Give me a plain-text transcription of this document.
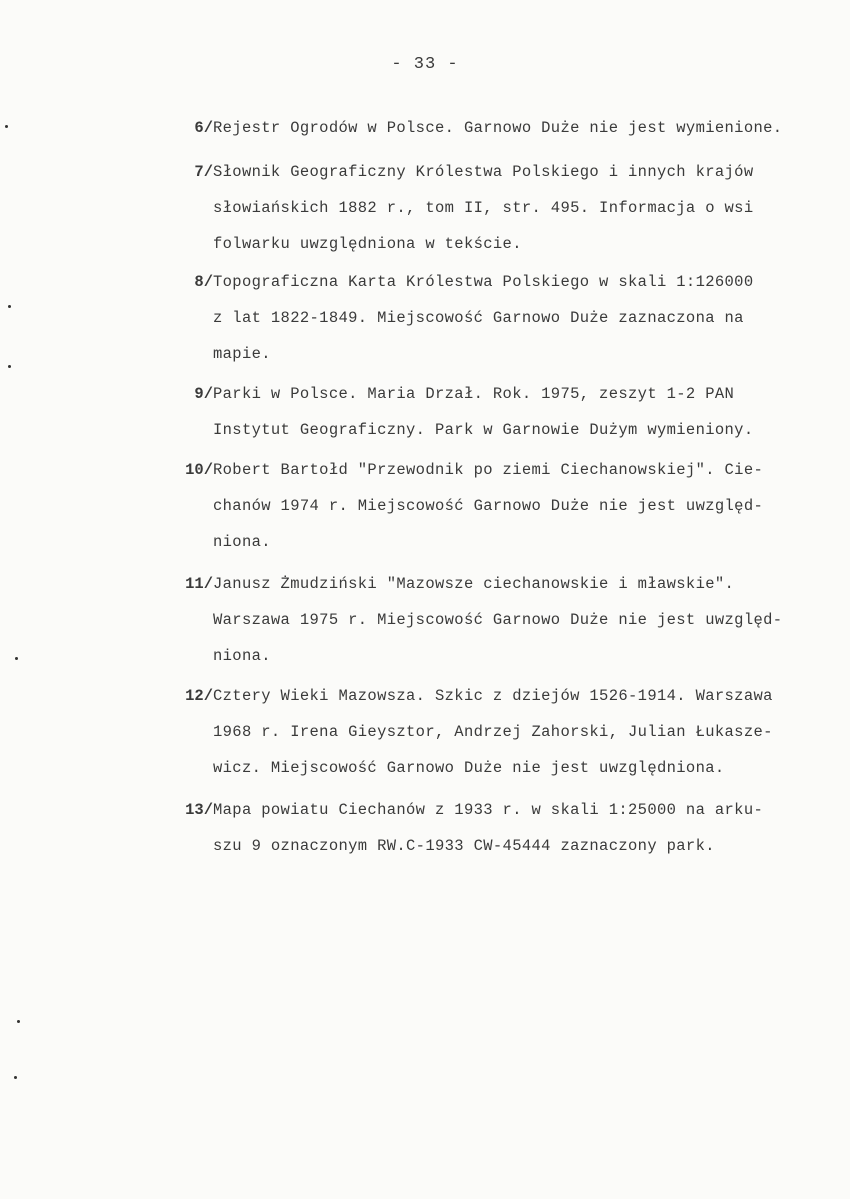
- 33 -
6/ Rejestr Ogrodów w Polsce. Garnowo Duże nie jest wymienione.
7/ Słownik Geograficzny Królestwa Polskiego i innych krajów
słowiańskich 1882 r., tom II, str. 495. Informacja o wsi
folwarku uwzględniona w tekście.
8/ Topograficzna Karta Królestwa Polskiego w skali 1:126000
z lat 1822-1849. Miejscowość Garnowo Duże zaznaczona na
mapie.
9/ Parki w Polsce. Maria Drzał. Rok. 1975, zeszyt 1-2 PAN
Instytut Geograficzny. Park w Garnowie Dużym wymieniony.
10/ Robert Bartołd "Przewodnik po ziemi Ciechanowskiej". Cie-
chanów 1974 r. Miejscowość Garnowo Duże nie jest uwzględ-
niona.
11/ Janusz Żmudziński "Mazowsze ciechanowskie i mławskie".
Warszawa 1975 r. Miejscowość Garnowo Duże nie jest uwzględ-
niona.
12/ Cztery Wieki Mazowsza. Szkic z dziejów 1526-1914. Warszawa
1968 r. Irena Gieysztor, Andrzej Zahorski, Julian Łukasze-
wicz. Miejscowość Garnowo Duże nie jest uwzględniona.
13/ Mapa powiatu Ciechanów z 1933 r. w skali 1:25000 na arku-
szu 9 oznaczonym RW.C-1933 CW-45444 zaznaczony park.
